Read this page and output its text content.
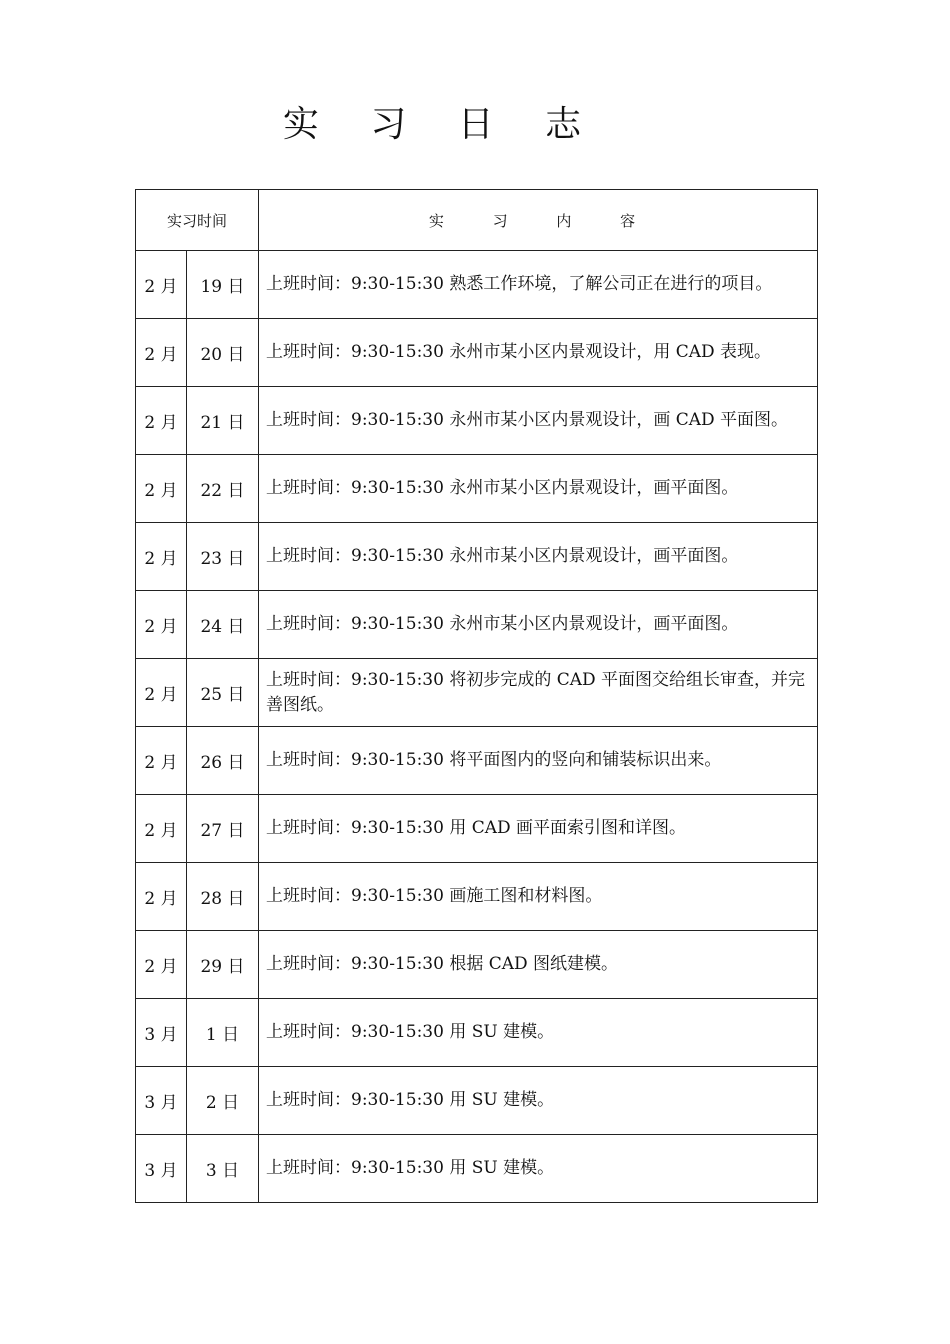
实 习 日 志
实习时间		实 习 内 容
2 月	19 日	上班时间：9:30-15:30 熟悉工作环境，了解公司正在进行的项目。
2 月	20 日	上班时间：9:30-15:30 永州市某小区内景观设计，用 CAD 表现。
2 月	21 日	上班时间：9:30-15:30 永州市某小区内景观设计，画 CAD 平面图。
2 月	22 日	上班时间：9:30-15:30 永州市某小区内景观设计，画平面图。
2 月	23 日	上班时间：9:30-15:30 永州市某小区内景观设计，画平面图。
2 月	24 日	上班时间：9:30-15:30 永州市某小区内景观设计，画平面图。
2 月	25 日	上班时间：9:30-15:30 将初步完成的 CAD 平面图交给组长审查，并完善图纸。
2 月	26 日	上班时间：9:30-15:30 将平面图内的竖向和铺装标识出来。
2 月	27 日	上班时间：9:30-15:30 用 CAD 画平面索引图和详图。
2 月	28 日	上班时间：9:30-15:30 画施工图和材料图。
2 月	29 日	上班时间：9:30-15:30 根据 CAD 图纸建模。
3 月	1 日	上班时间：9:30-15:30 用 SU 建模。
3 月	2 日	上班时间：9:30-15:30 用 SU 建模。
3 月	3 日	上班时间：9:30-15:30 用 SU 建模。
